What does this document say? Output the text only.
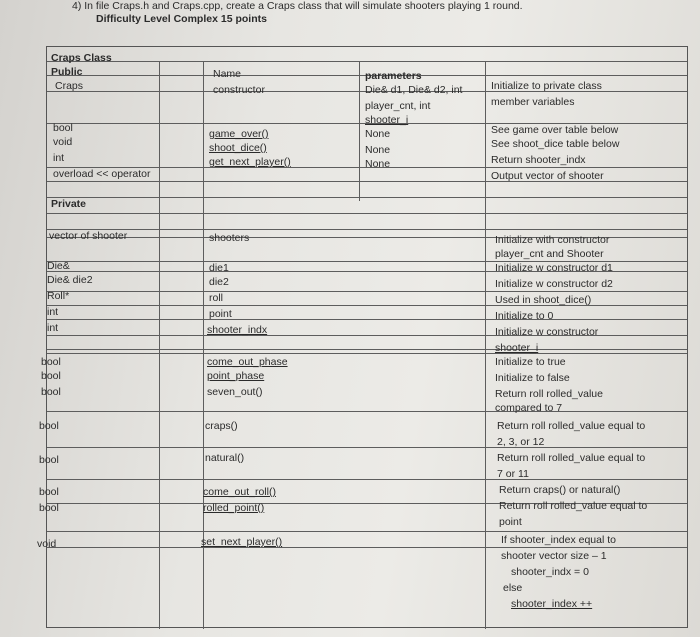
4) In file Craps.h and Craps.cpp, create a Craps class that will simulate shooters playing 1 round.
Difficulty Level Complex 15 points
Craps Class
Public
Craps
bool
void
int
overload << operator
Private
vector of shooter
Die&
Die& die2
Roll*
int
int
bool
bool
bool
bool
bool
bool
bool
void
Name
constructor
game_over()
shoot_dice()
get_next_player()
shooters
die1
die2
roll
point
shooter_indx
come_out_phase
point_phase
seven_out()
craps()
natural()
come_out_roll()
rolled_point()
set_next_player()
parameters
Die& d1, Die& d2, int
player_cnt, int
shooter_i
None
None
None
Initialize to private class
member variables
See game over table below
See shoot_dice table below
Return shooter_indx
Output vector of shooter
Initialize with constructor
player_cnt and Shooter
Initialize w constructor d1
Initialize w constructor d2
Used in shoot_dice()
Initialize to 0
Initialize w constructor
shooter_i
Initialize to true
Initialize to false
Return roll rolled_value
compared to 7
Return roll rolled_value equal to
2, 3, or 12
Return roll rolled_value equal to
7 or 11
Return craps() or natural()
Return roll rolled_value equal to
point
If shooter_index equal to
shooter vector size – 1
shooter_indx = 0
else
shooter_index ++
